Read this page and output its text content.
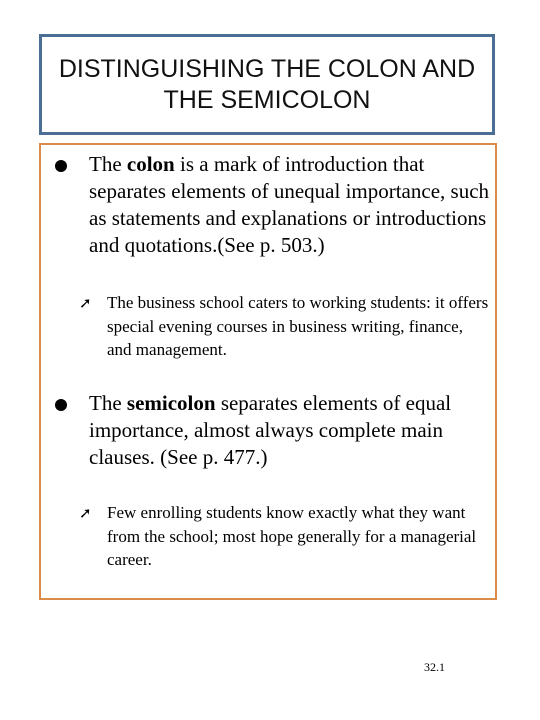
DISTINGUISHING THE COLON AND THE SEMICOLON

The colon is a mark of introduction that separates elements of unequal importance, such as statements and explanations or introductions and quotations.(See p. 503.)
➚ The business school caters to working students: it offers special evening courses in business writing, finance, and management.
The semicolon separates elements of equal importance, almost always complete main clauses. (See p. 477.)
➚ Few enrolling students know exactly what they want from the school; most hope generally for a managerial career.
32.1
